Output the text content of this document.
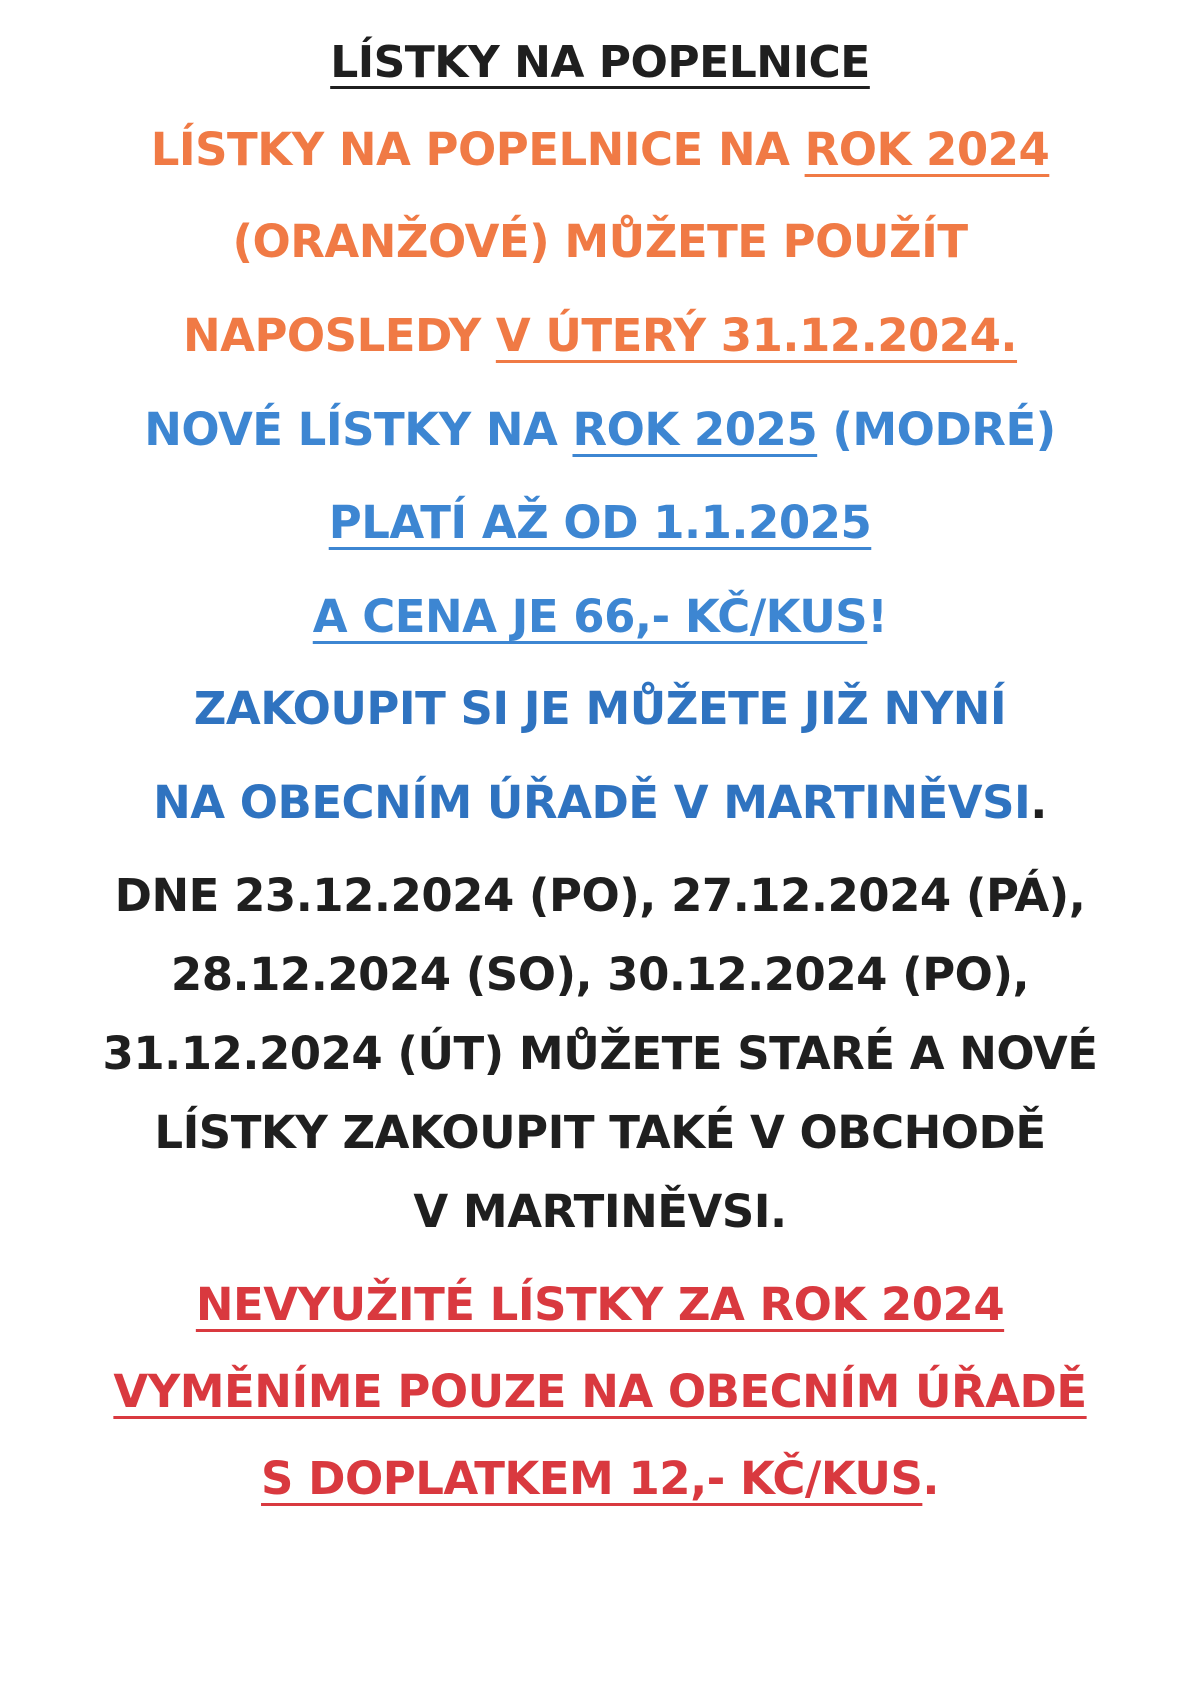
LÍSTKY NA POPELNICE
LÍSTKY NA POPELNICE NA ROK 2024
(ORANŽOVÉ) MŮŽETE POUŽÍT
NAPOSLEDY V ÚTERÝ 31.12.2024.
NOVÉ LÍSTKY NA ROK 2025 (MODRÉ)
PLATÍ AŽ OD 1.1.2025
A CENA JE 66,- KČ/KUS!
ZAKOUPIT SI JE MŮŽETE JIŽ NYNÍ
NA OBECNÍM ÚŘADĚ V MARTINĚVSI.
DNE 23.12.2024 (PO), 27.12.2024 (PÁ),
28.12.2024 (SO), 30.12.2024 (PO),
31.12.2024 (ÚT) MŮŽETE STARÉ A NOVÉ
LÍSTKY ZAKOUPIT TAKÉ V OBCHODĚ
V MARTINĚVSI.
NEVYUŽITÉ LÍSTKY ZA ROK 2024
VYMĚNÍME POUZE NA OBECNÍM ÚŘADĚ
S DOPLATKEM 12,- KČ/KUS.
